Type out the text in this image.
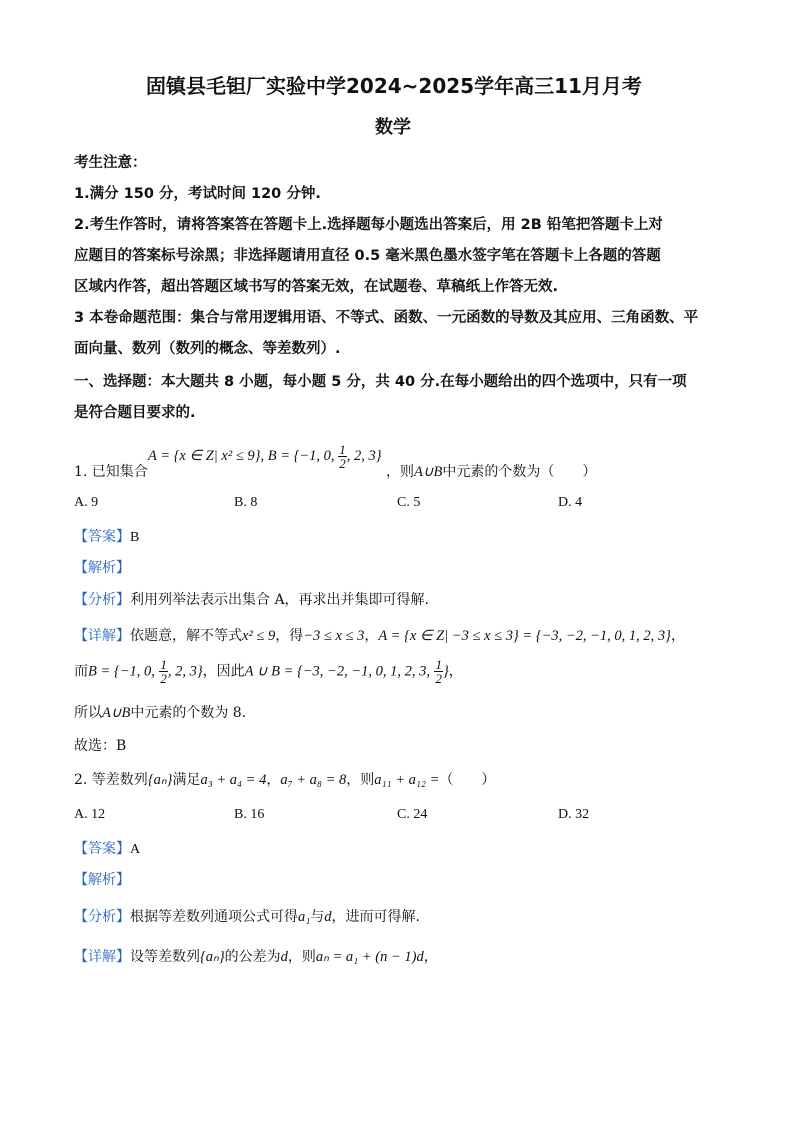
固镇县毛钽厂实验中学2024~2025学年高三11月月考
数学
考生注意：
1.满分 150 分，考试时间 120 分钟.
2.考生作答时，请将答案答在答题卡上.选择题每小题选出答案后，用 2B 铅笔把答题卡上对
应题目的答案标号涂黑；非选择题请用直径 0.5 毫米黑色墨水签字笔在答题卡上各题的答题
区域内作答，超出答题区域书写的答案无效，在试题卷、草稿纸上作答无效.
3 本卷命题范围：集合与常用逻辑用语、不等式、函数、一元函数的导数及其应用、三角函数、平
面向量、数列（数列的概念、等差数列）.
一、选择题：本大题共 8 小题，每小题 5 分，共 40 分.在每小题给出的四个选项中，只有一项
是符合题目要求的.
1. 已知集合
A = {x ∈ Z| x² ≤ 9}, B = {−1, 0, $\frac{1}{2}$ , 2, 3}
，则A∪B中元素的个数为（　　）
A. 9	B. 8	C. 5	D. 4
【答案】B
【解析】
【分析】利用列举法表示出集合 A，再求出并集即可得解.
【详解】依题意，解不等式x² ≤ 9，得−3 ≤ x ≤ 3，A = {x ∈ Z| −3 ≤ x ≤ 3} = {−3, −2, −1, 0, 1, 2, 3}，
而B = {−1, 0, $\frac{1}{2}$ , 2, 3}，因此A ∪ B = {−3, −2, −1, 0, 1, 2, 3, $\frac{1}{2}$ }，
所以A∪B中元素的个数为 8.
故选：B
2. 等差数列{aₙ}满足a₃ + a₄ = 4，a₇ + a₈ = 8，则a₁₁ + a₁₂ =（　　）
A. 12	B. 16	C. 24	D. 32
【答案】A
【解析】
【分析】根据等差数列通项公式可得a₁与d，进而可得解.
【详解】设等差数列{aₙ}的公差为d，则aₙ = a₁ + (n − 1)d，
